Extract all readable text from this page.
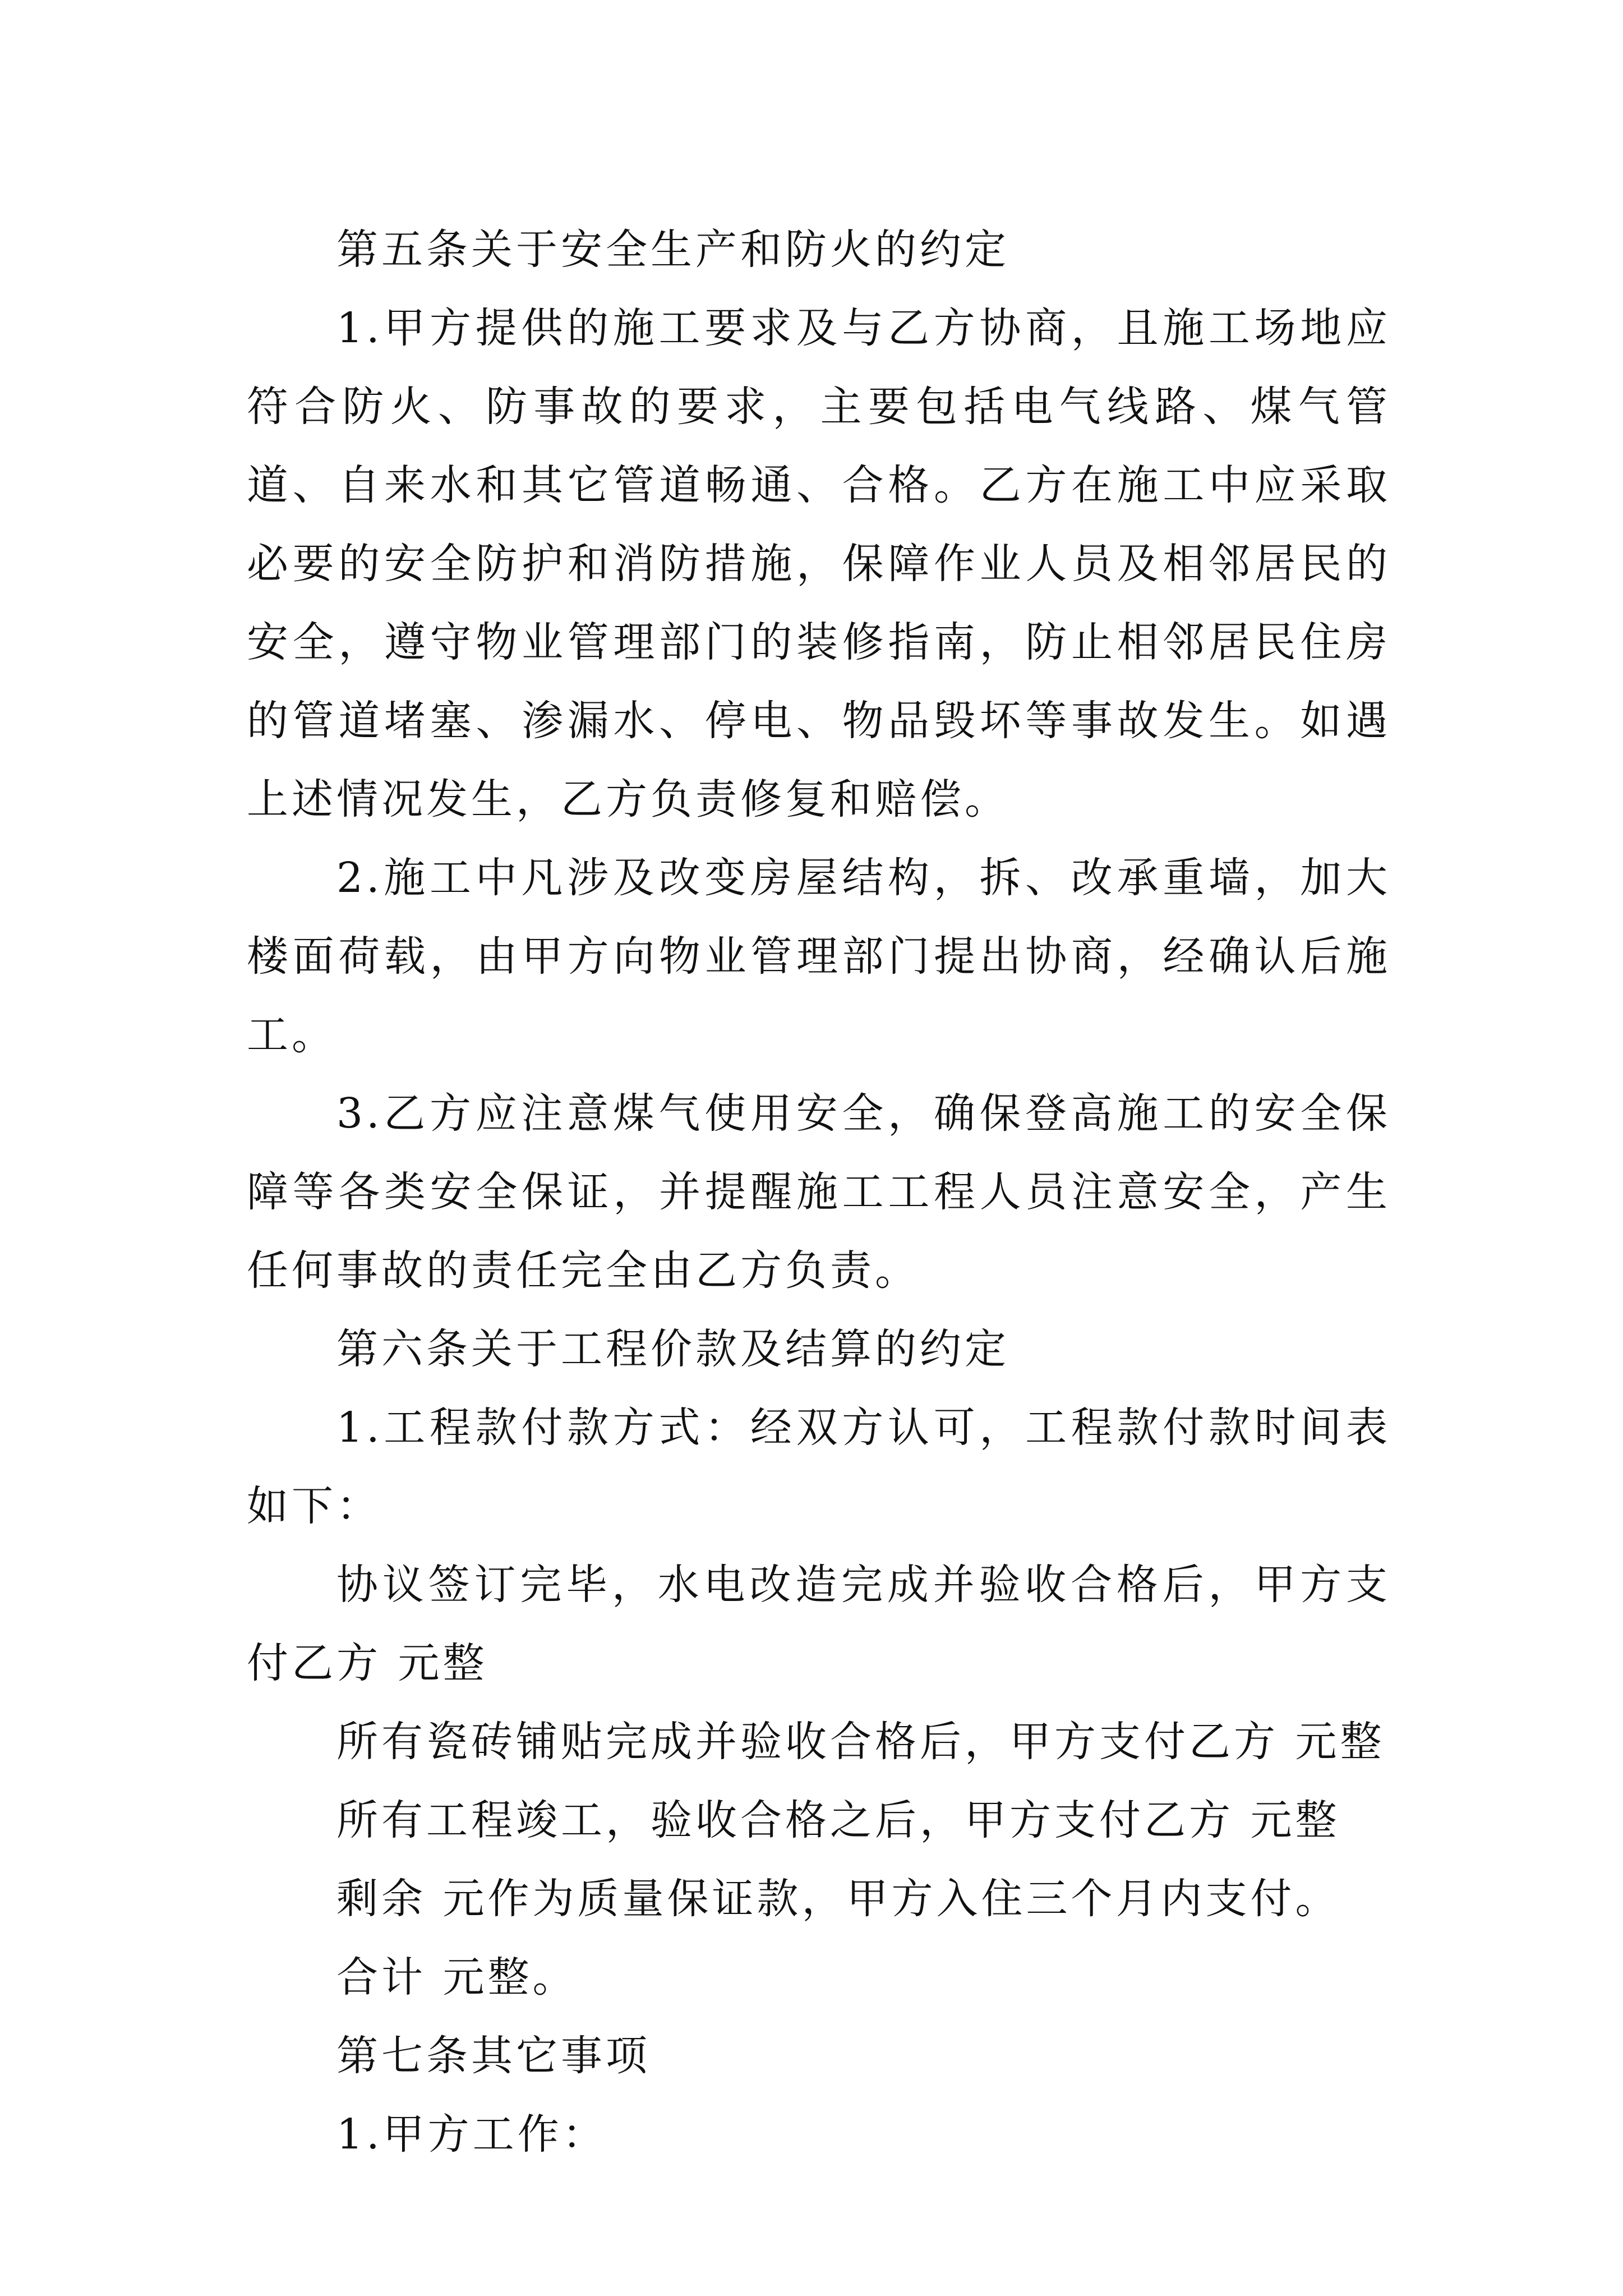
第五条关于安全生产和防火的约定

1.甲方提供的施工要求及与乙方协商，且施工场地应符合防火、防事故的要求，主要包括电气线路、煤气管道、自来水和其它管道畅通、合格。乙方在施工中应采取必要的安全防护和消防措施，保障作业人员及相邻居民的安全，遵守物业管理部门的装修指南，防止相邻居民住房的管道堵塞、渗漏水、停电、物品毁坏等事故发生。如遇上述情况发生，乙方负责修复和赔偿。

2.施工中凡涉及改变房屋结构，拆、改承重墙，加大楼面荷载，由甲方向物业管理部门提出协商，经确认后施工。

3.乙方应注意煤气使用安全，确保登高施工的安全保障等各类安全保证，并提醒施工工程人员注意安全，产生任何事故的责任完全由乙方负责。

第六条关于工程价款及结算的约定

1.工程款付款方式：经双方认可，工程款付款时间表如下：

协议签订完毕，水电改造完成并验收合格后，甲方支付乙方 元整

所有瓷砖铺贴完成并验收合格后，甲方支付乙方 元整

所有工程竣工，验收合格之后，甲方支付乙方 元整

剩余 元作为质量保证款，甲方入住三个月内支付。

合计 元整。

第七条其它事项

1.甲方工作：
